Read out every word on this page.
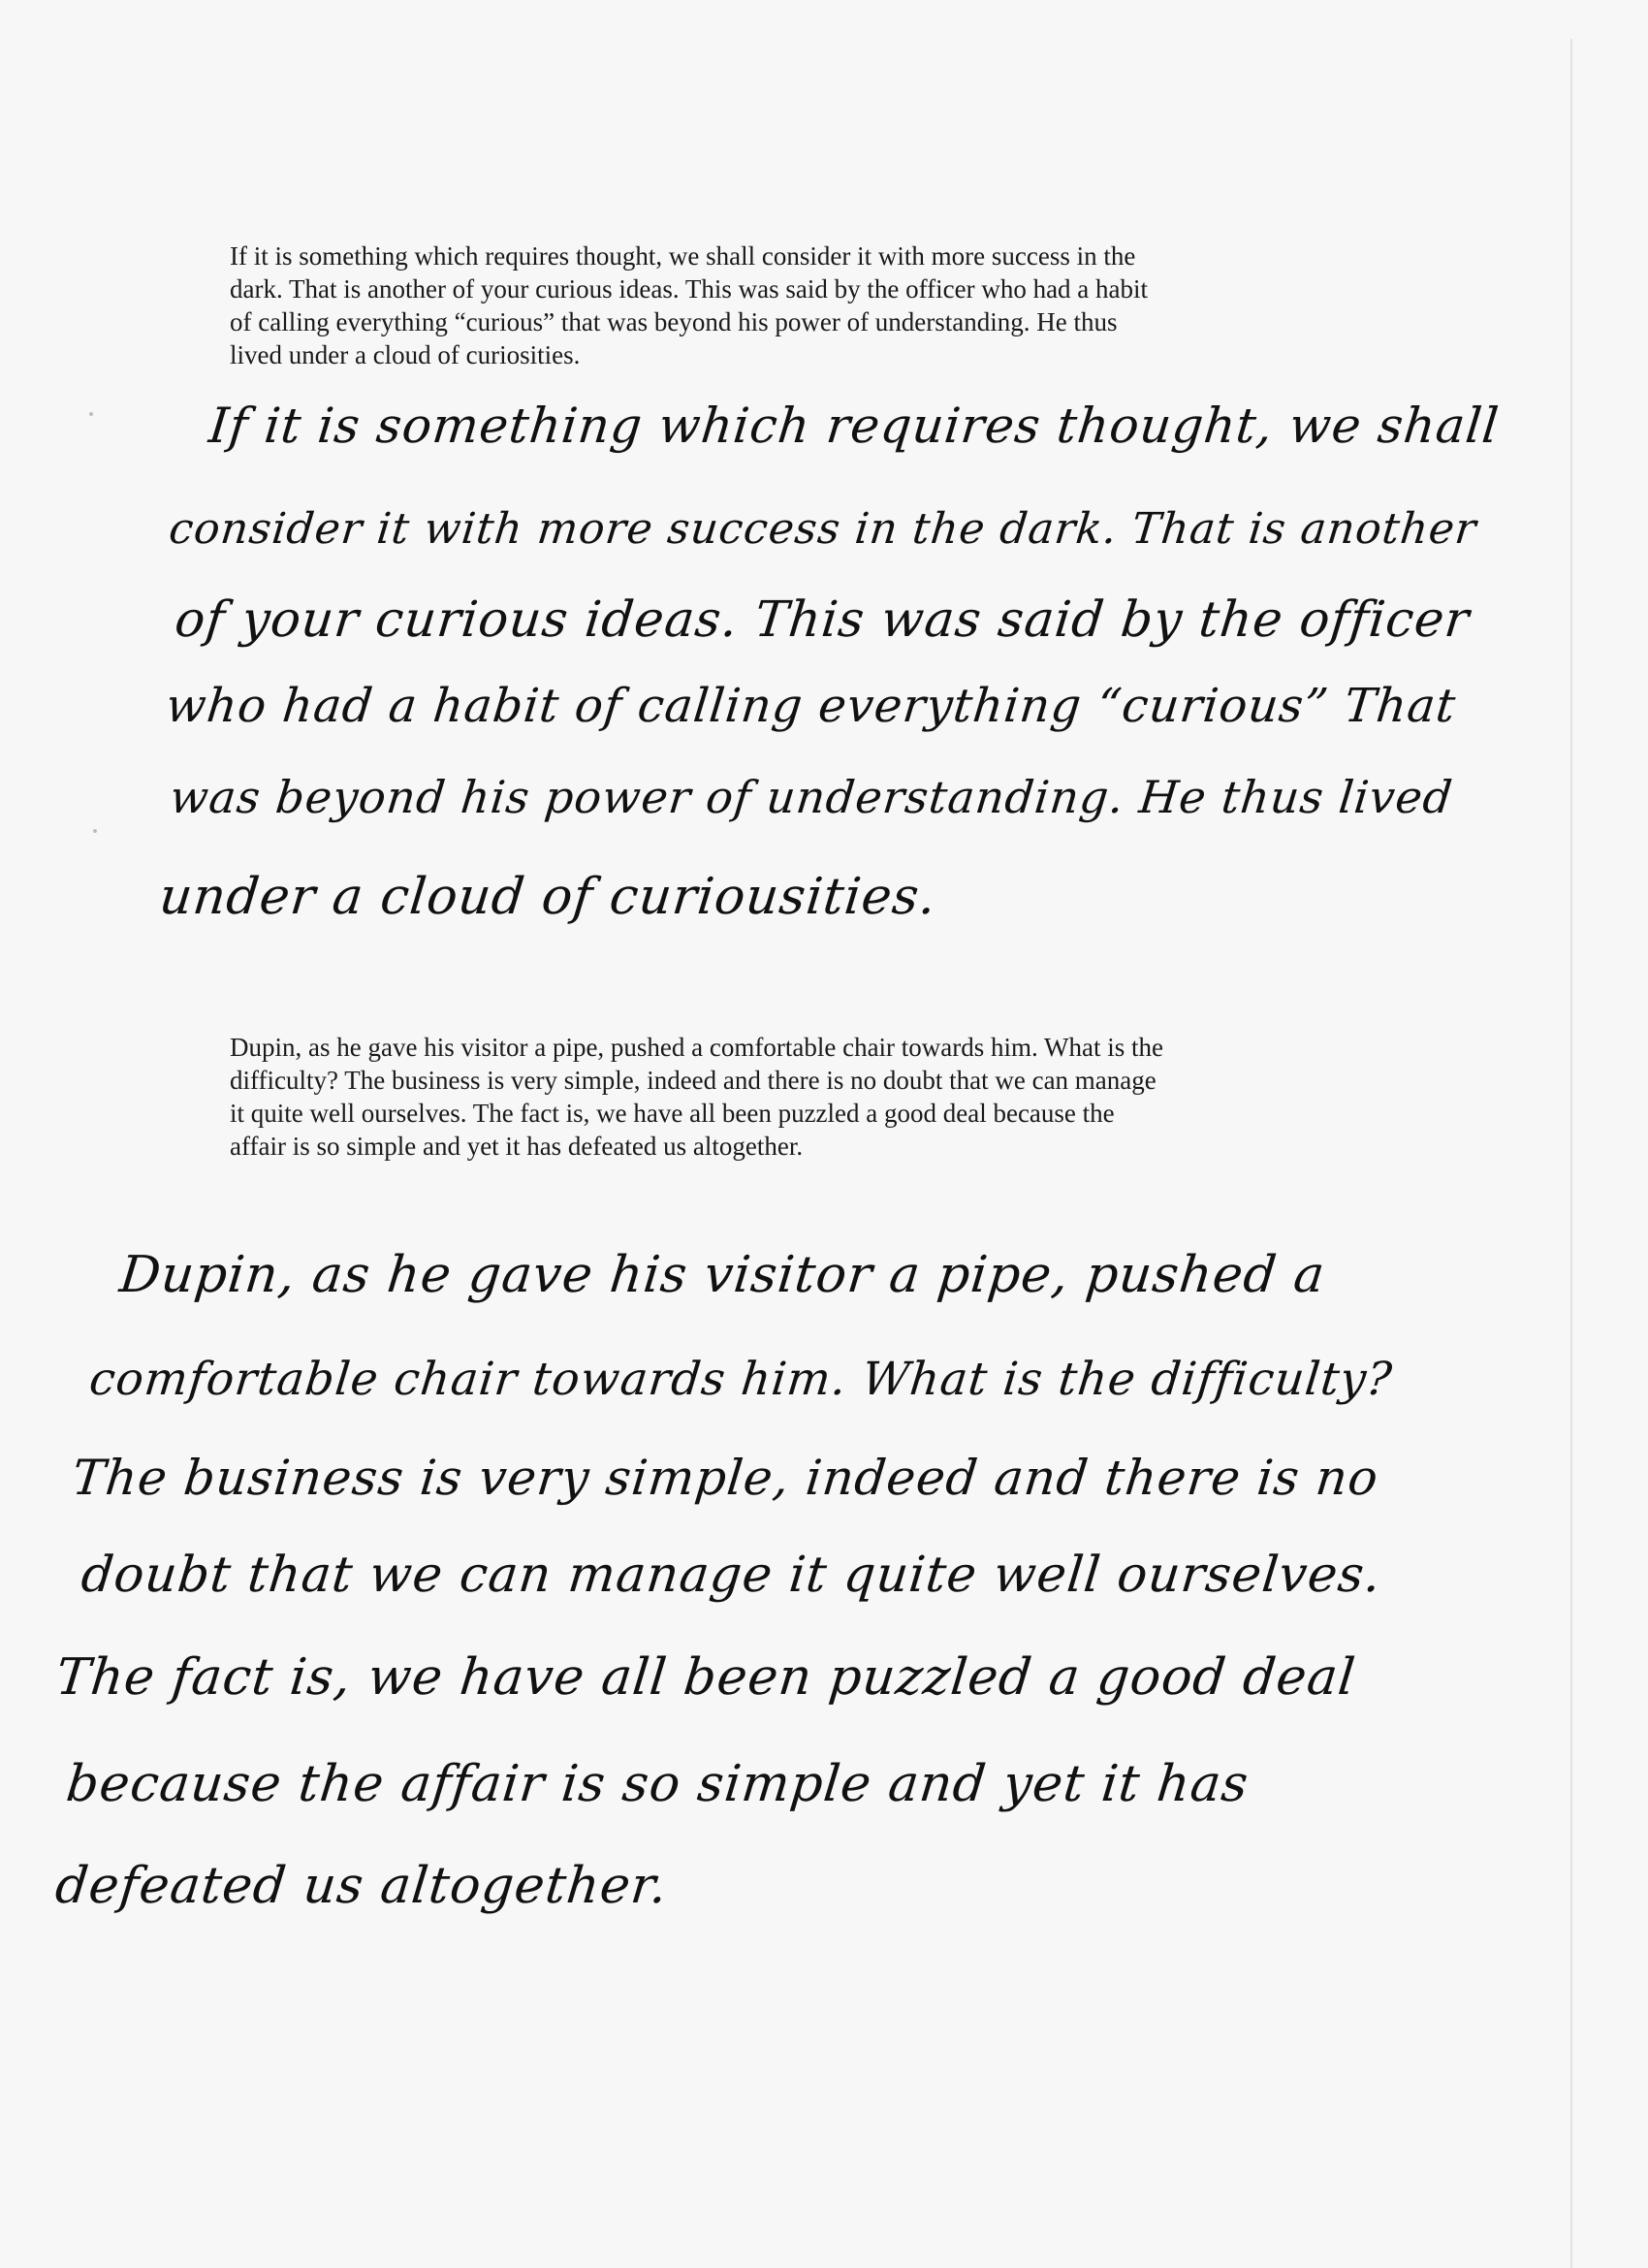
If it is something which requires thought, we shall consider it with more success in the
dark. That is another of your curious ideas. This was said by the officer who had a habit
of calling everything “curious” that was beyond his power of understanding. He thus
lived under a cloud of curiosities.
If it is something which requires thought, we shall
consider it with more success in the dark. That is another
of your curious ideas. This was said by the officer
who had a habit of calling everything “curious” That
was beyond his power of understanding. He thus lived
under a cloud of curiousities.
Dupin, as he gave his visitor a pipe, pushed a comfortable chair towards him. What is the
difficulty? The business is very simple, indeed and there is no doubt that we can manage
it quite well ourselves. The fact is, we have all been puzzled a good deal because the
affair is so simple and yet it has defeated us altogether.
Dupin, as he gave his visitor a pipe, pushed a
comfortable chair towards him. What is the difficulty?
The business is very simple, indeed and there is no
doubt that we can manage it quite well ourselves.
The fact is, we have all been puzzled a good deal
because the affair is so simple and yet it has
defeated us altogether.
